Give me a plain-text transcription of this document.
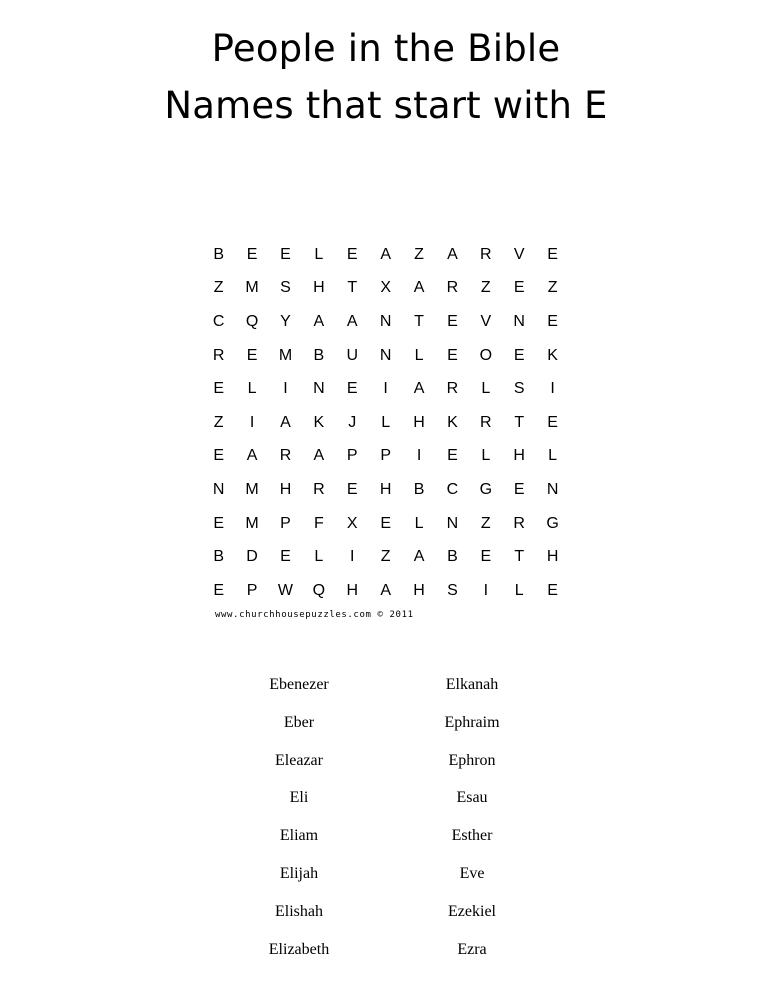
People in the Bible
Names that start with E
B	E	E	L	E	A	Z	A	R	V	E
Z	M	S	H	T	X	A	R	Z	E	Z
C	Q	Y	A	A	N	T	E	V	N	E
R	E	M	B	U	N	L	E	O	E	K
E	L	I	N	E	I	A	R	L	S	I
Z	I	A	K	J	L	H	K	R	T	E
E	A	R	A	P	P	I	E	L	H	L
N	M	H	R	E	H	B	C	G	E	N
E	M	P	F	X	E	L	N	Z	R	G
B	D	E	L	I	Z	A	B	E	T	H
E	P	W	Q	H	A	H	S	I	L	E
www.churchhousepuzzles.com © 2011
Ebenezer
Eber
Eleazar
Eli
Eliam
Elijah
Elishah
Elizabeth
Elkanah
Ephraim
Ephron
Esau
Esther
Eve
Ezekiel
Ezra
